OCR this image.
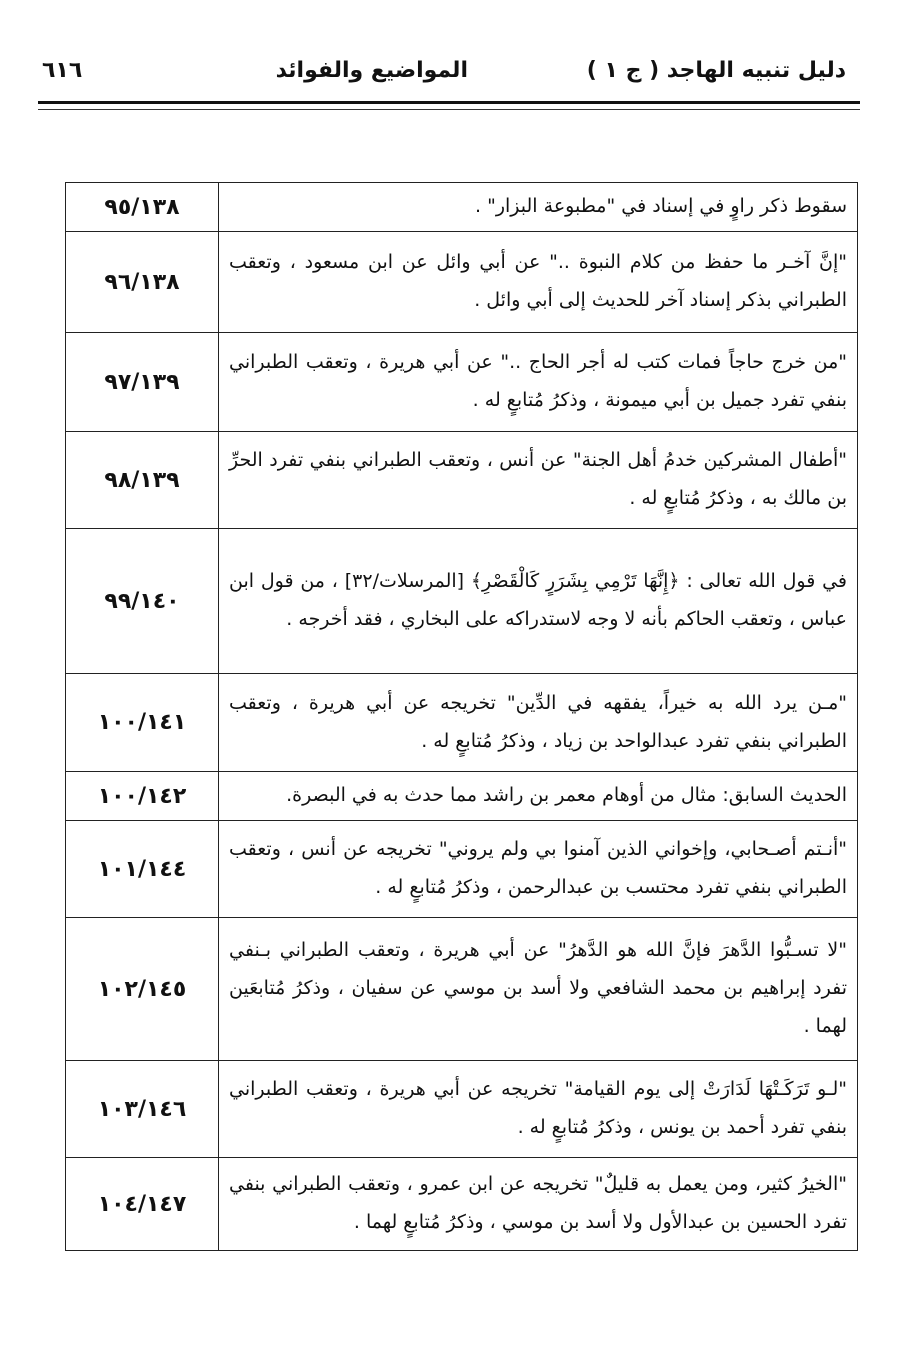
دليل تنبيه الهاجد ( ج ١ )
المواضيع والفوائد
٦١٦
سقوط ذكر راوٍ في إسناد في "مطبوعة البزار" .	٩٥/١٣٨
"إنَّ آخـر ما حفظ من كلام النبوة .." عن أبي وائل عن ابن مسعود ، وتعقب الطبراني بذكر إسناد آخر للحديث إلى أبي وائل .	٩٦/١٣٨
"من خرج حاجاً فمات كتب له أجر الحاج .." عن أبي هريرة ، وتعقب الطبراني بنفي تفرد جميل بن أبي ميمونة ، وذكرُ مُتابعٍ له .	٩٧/١٣٩
"أطفال المشركين خدمُ أهل الجنة" عن أنس ، وتعقب الطبراني بنفي تفرد الحرِّ بن مالك به ، وذكرُ مُتابعٍ له .	٩٨/١٣٩
في قول الله تعالى : ﴿إِنَّهَا تَرْمِي بِشَرَرٍ كَالْقَصْرِ﴾ [المرسلات/٣٢] ، من قول ابن عباس ، وتعقب الحاكم بأنه لا وجه لاستدراكه على البخاري ، فقد أخرجه .	٩٩/١٤٠
"مـن يرد الله به خيراً، يفقهه في الدِّين" تخريجه عن أبي هريرة ، وتعقب الطبراني بنفي تفرد عبدالواحد بن زياد ، وذكرُ مُتابعٍ له .	١٠٠/١٤١
الحديث السابق: مثال من أوهام معمر بن راشد مما حدث به في البصرة.	١٠٠/١٤٢
"أنـتم أصـحابي، وإخواني الذين آمنوا بي ولم يروني" تخريجه عن أنس ، وتعقب الطبراني بنفي تفرد محتسب بن عبدالرحمن ، وذكرُ مُتابعٍ له .	١٠١/١٤٤
"لا تسـبُّوا الدَّهرَ فإنَّ الله هو الدَّهرُ" عن أبي هريرة ، وتعقب الطبراني بـنفي تفرد إبراهيم بن محمد الشافعي ولا أسد بن موسي عن سفيان ، وذكرُ مُتابعَين لهما .	١٠٢/١٤٥
"لـو تَرَكَـتْهَا لَدَارَتْ إلى يوم القيامة" تخريجه عن أبي هريرة ، وتعقب الطبراني بنفي تفرد أحمد بن يونس ، وذكرُ مُتابعٍ له .	١٠٣/١٤٦
"الخيرُ كثير، ومن يعمل به قليلٌ" تخريجه عن ابن عمرو ، وتعقب الطبراني بنفي تفرد الحسين بن عبدالأول ولا أسد بن موسي ، وذكرُ مُتابعٍ لهما .	١٠٤/١٤٧
